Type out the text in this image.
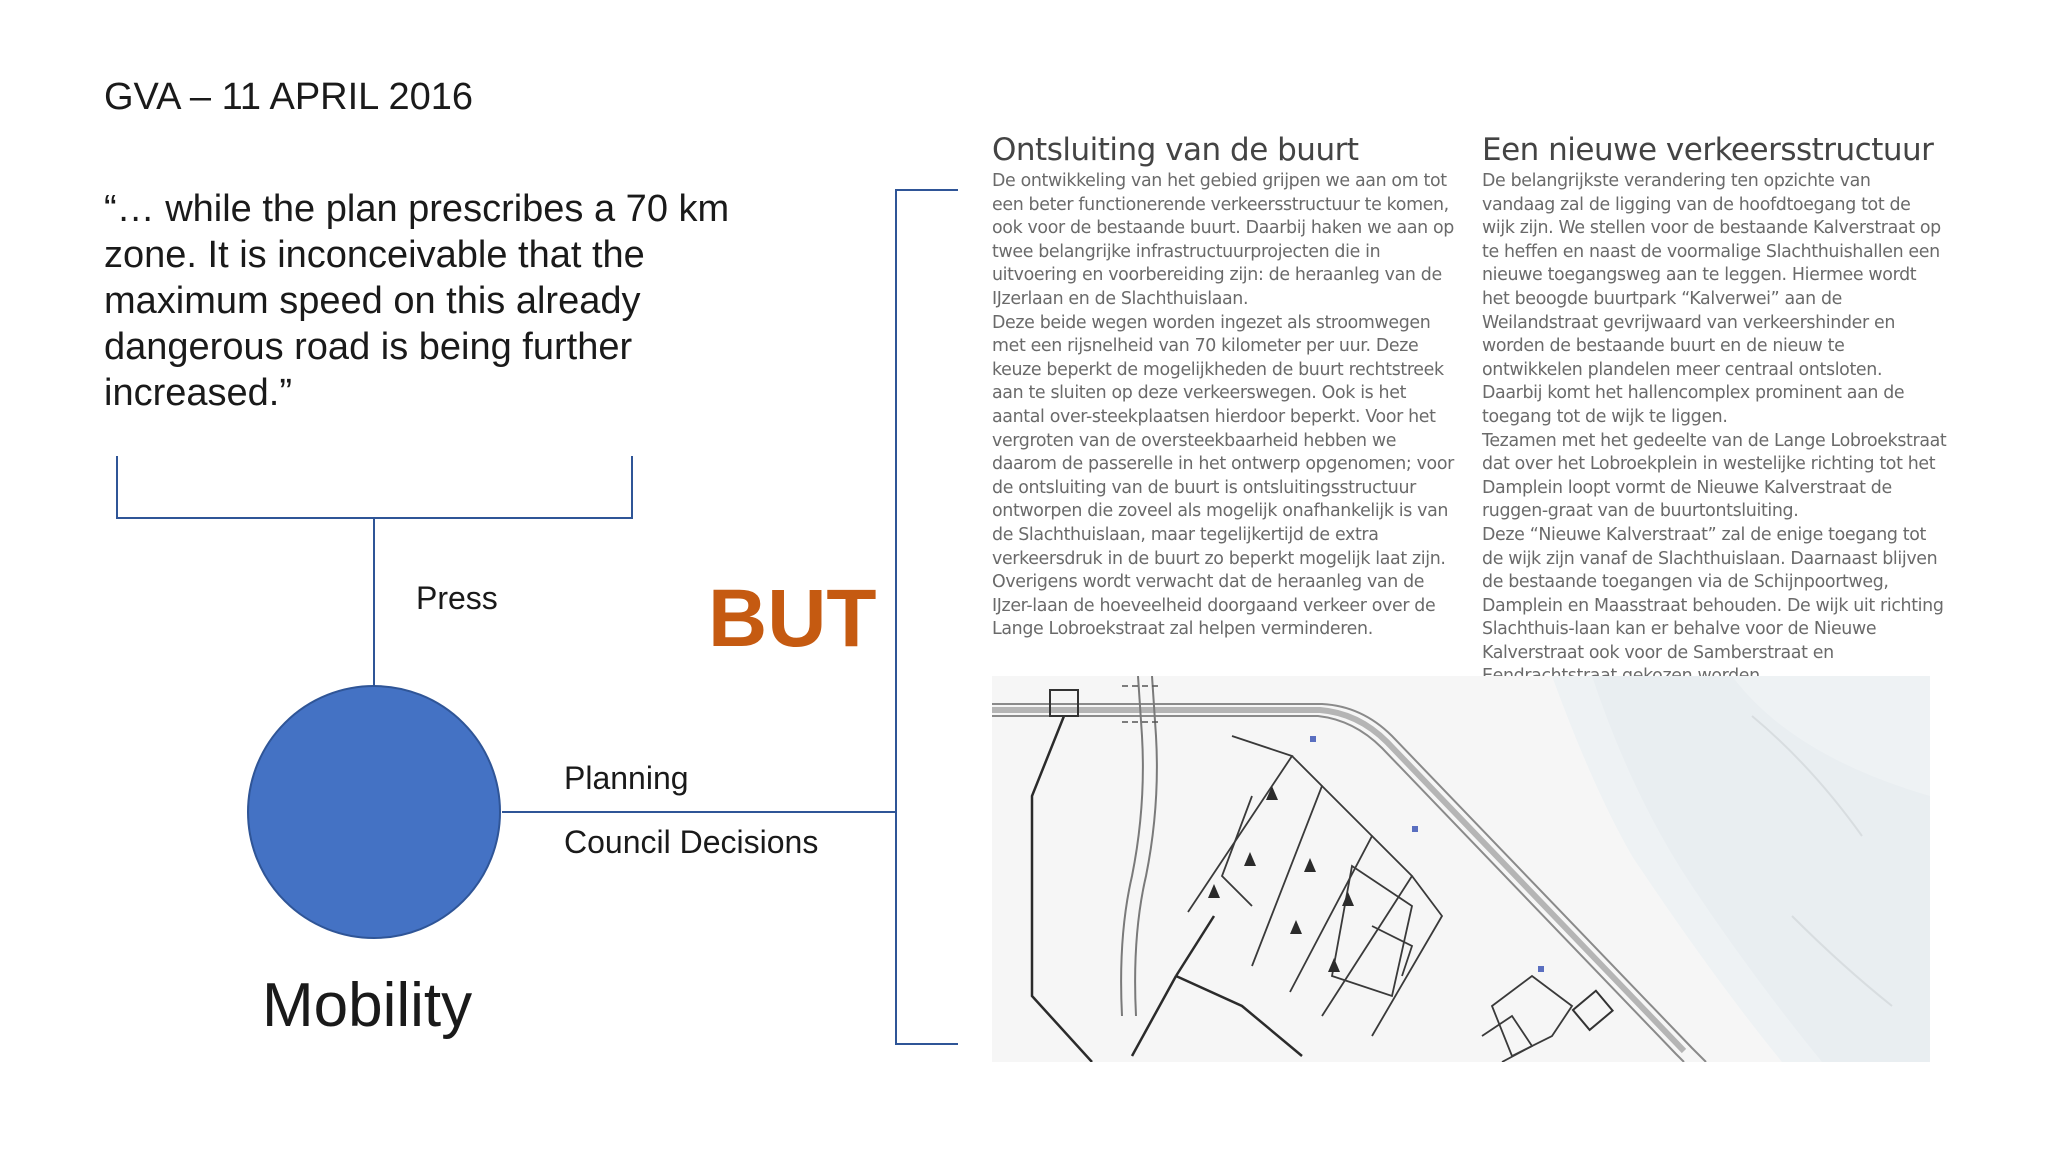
GVA – 11 APRIL 2016
“… while the plan prescribes a 70 km zone. It is inconceivable that the maximum speed on this already dangerous road is being further increased.”
Press
Planning
Council Decisions
BUT
Mobility
Ontsluiting van de buurt

De ontwikkeling van het gebied grijpen we aan om tot een beter functionerende verkeersstructuur te komen, ook voor de bestaande buurt. Daarbij haken we aan op twee belangrijke infrastructuurprojecten die in uitvoering en voorbereiding zijn: de heraanleg van de IJzerlaan en de Slachthuislaan.

Deze beide wegen worden ingezet als stroomwegen met een rijsnelheid van 70 kilometer per uur. Deze keuze beperkt de mogelijkheden de buurt rechtstreek aan te sluiten op deze verkeerswegen. Ook is het aantal over-steekplaatsen hierdoor beperkt. Voor het vergroten van de oversteekbaarheid hebben we daarom de passerelle in het ontwerp opgenomen; voor de ontsluiting van de buurt is ontsluitingsstructuur ontworpen die zoveel als mogelijk onafhankelijk is van de Slachthuislaan, maar tegelijkertijd de extra verkeersdruk in de buurt zo beperkt mogelijk laat zijn.

Overigens wordt verwacht dat de heraanleg van de IJzer-laan de hoeveelheid doorgaand verkeer over de Lange Lobroekstraat zal helpen verminderen.

Een nieuwe verkeersstructuur

De belangrijkste verandering ten opzichte van vandaag zal de ligging van de hoofdtoegang tot de wijk zijn. We stellen voor de bestaande Kalverstraat op te heffen en naast de voormalige Slachthuishallen een nieuwe toegangsweg aan te leggen. Hiermee wordt het beoogde buurtpark “Kalverwei” aan de Weilandstraat gevrijwaard van verkeershinder en worden de bestaande buurt en de nieuw te ontwikkelen plandelen meer centraal ontsloten. Daarbij komt het hallencomplex prominent aan de toegang tot de wijk te liggen.

Tezamen met het gedeelte van de Lange Lobroekstraat dat over het Lobroekplein in westelijke richting tot het Damplein loopt vormt de Nieuwe Kalverstraat de ruggen-graat van de buurtontsluiting.

Deze “Nieuwe Kalverstraat” zal de enige toegang tot de wijk zijn vanaf de Slachthuislaan. Daarnaast blijven de bestaande toegangen via de Schijnpoortweg, Damplein en Maasstraat behouden. De wijk uit richting Slachthuis-laan kan er behalve voor de Nieuwe Kalverstraat ook voor de Samberstraat en
